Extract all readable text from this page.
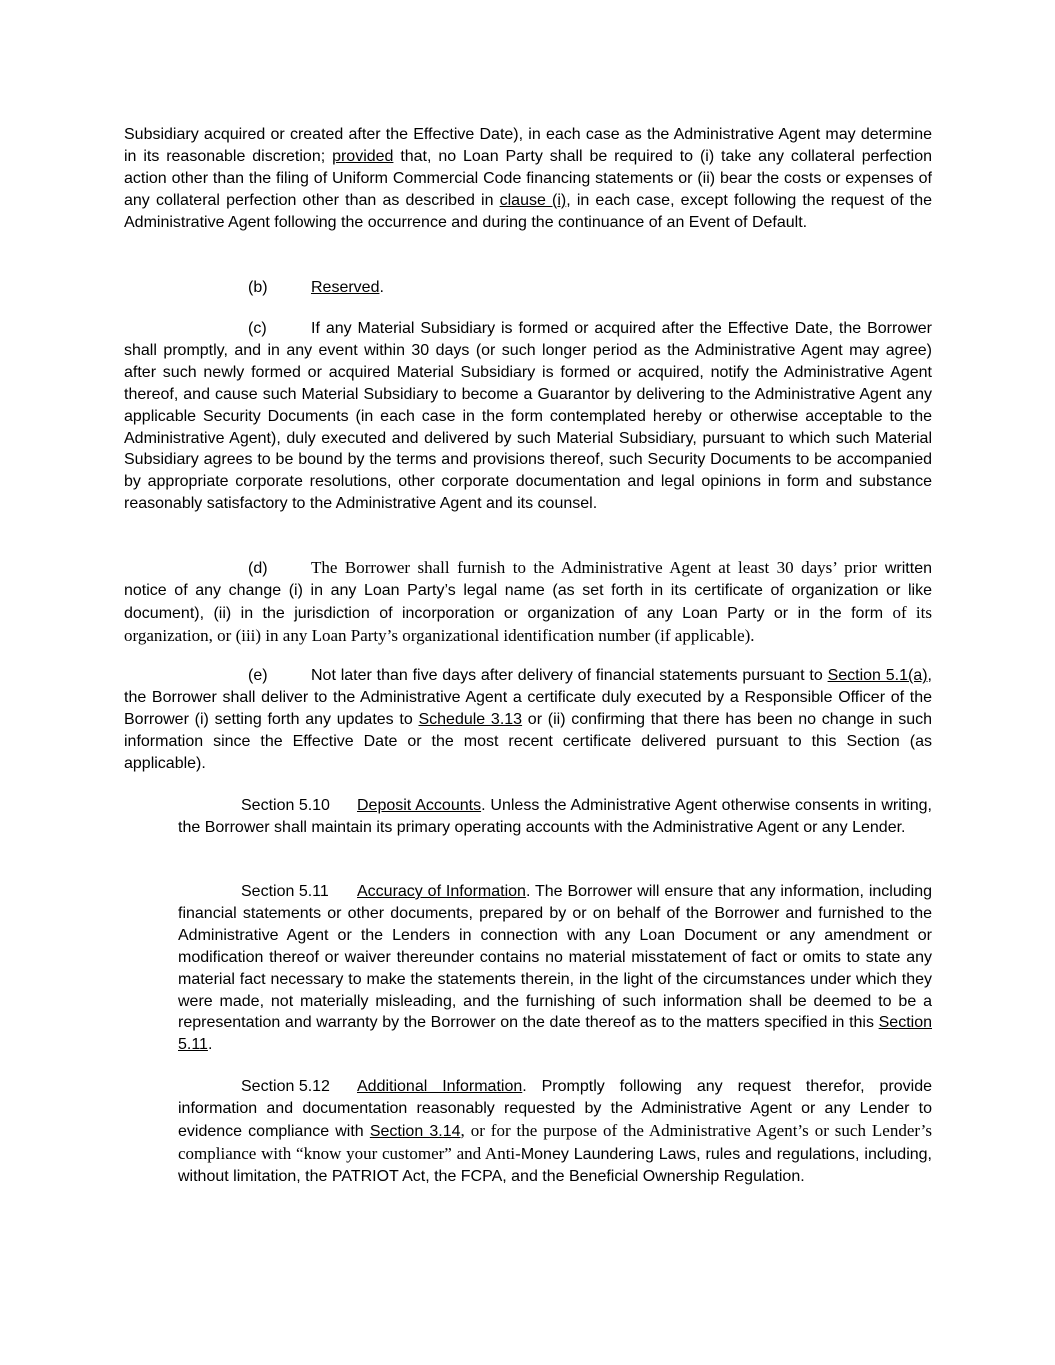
Subsidiary acquired or created after the Effective Date), in each case as the Administrative Agent may determine in its reasonable discretion; provided that, no Loan Party shall be required to (i) take any collateral perfection action other than the filing of Uniform Commercial Code financing statements or (ii) bear the costs or expenses of any collateral perfection other than as described in clause (i), in each case, except following the request of the Administrative Agent following the occurrence and during the continuance of an Event of Default.

(b)	Reserved.

(c)	If any Material Subsidiary is formed or acquired after the Effective Date, the Borrower shall promptly, and in any event within 30 days (or such longer period as the Administrative Agent may agree) after such newly formed or acquired Material Subsidiary is formed or acquired, notify the Administrative Agent thereof, and cause such Material Subsidiary to become a Guarantor by delivering to the Administrative Agent any applicable Security Documents (in each case in the form contemplated hereby or otherwise acceptable to the Administrative Agent), duly executed and delivered by such Material Subsidiary, pursuant to which such Material Subsidiary agrees to be bound by the terms and provisions thereof, such Security Documents to be accompanied by appropriate corporate resolutions, other corporate documentation and legal opinions in form and substance reasonably satisfactory to the Administrative Agent and its counsel.

(d)	The Borrower shall furnish to the Administrative Agent at least 30 days’ prior written notice of any change (i) in any Loan Party’s legal name (as set forth in its certificate of organization or like document), (ii) in the jurisdiction of incorporation or organization of any Loan Party or in the form of its organization, or (iii) in any Loan Party’s organizational identification number (if applicable).

(e)	Not later than five days after delivery of financial statements pursuant to Section 5.1(a), the Borrower shall deliver to the Administrative Agent a certificate duly executed by a Responsible Officer of the Borrower (i) setting forth any updates to Schedule 3.13 or (ii) confirming that there has been no change in such information since the Effective Date or the most recent certificate delivered pursuant to this Section (as applicable).

Section 5.10 Deposit Accounts. Unless the Administrative Agent otherwise consents in writing, the Borrower shall maintain its primary operating accounts with the Administrative Agent or any Lender.

Section 5.11 Accuracy of Information. The Borrower will ensure that any information, including financial statements or other documents, prepared by or on behalf of the Borrower and furnished to the Administrative Agent or the Lenders in connection with any Loan Document or any amendment or modification thereof or waiver thereunder contains no material misstatement of fact or omits to state any material fact necessary to make the statements therein, in the light of the circumstances under which they were made, not materially misleading, and the furnishing of such information shall be deemed to be a representation and warranty by the Borrower on the date thereof as to the matters specified in this Section 5.11.

Section 5.12 Additional Information. Promptly following any request therefor, provide information and documentation reasonably requested by the Administrative Agent or any Lender to evidence compliance with Section 3.14, or for the purpose of the Administrative Agent’s or such Lender’s compliance with “know your customer” and Anti-Money Laundering Laws, rules and regulations, including, without limitation, the PATRIOT Act, the FCPA, and the Beneficial Ownership Regulation.
